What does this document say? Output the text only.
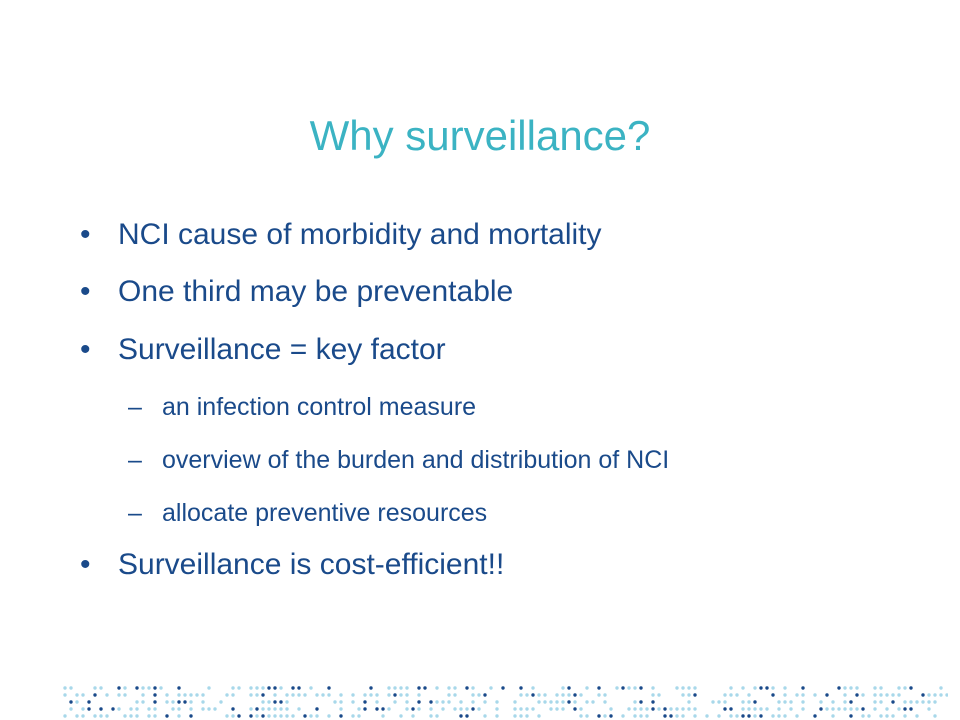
Why surveillance?
• NCI cause of morbidity and mortality
• One third may be preventable
• Surveillance = key factor
– an infection control measure
– overview of the burden and distribution of NCI
– allocate preventive resources
• Surveillance is cost-efficient!!
